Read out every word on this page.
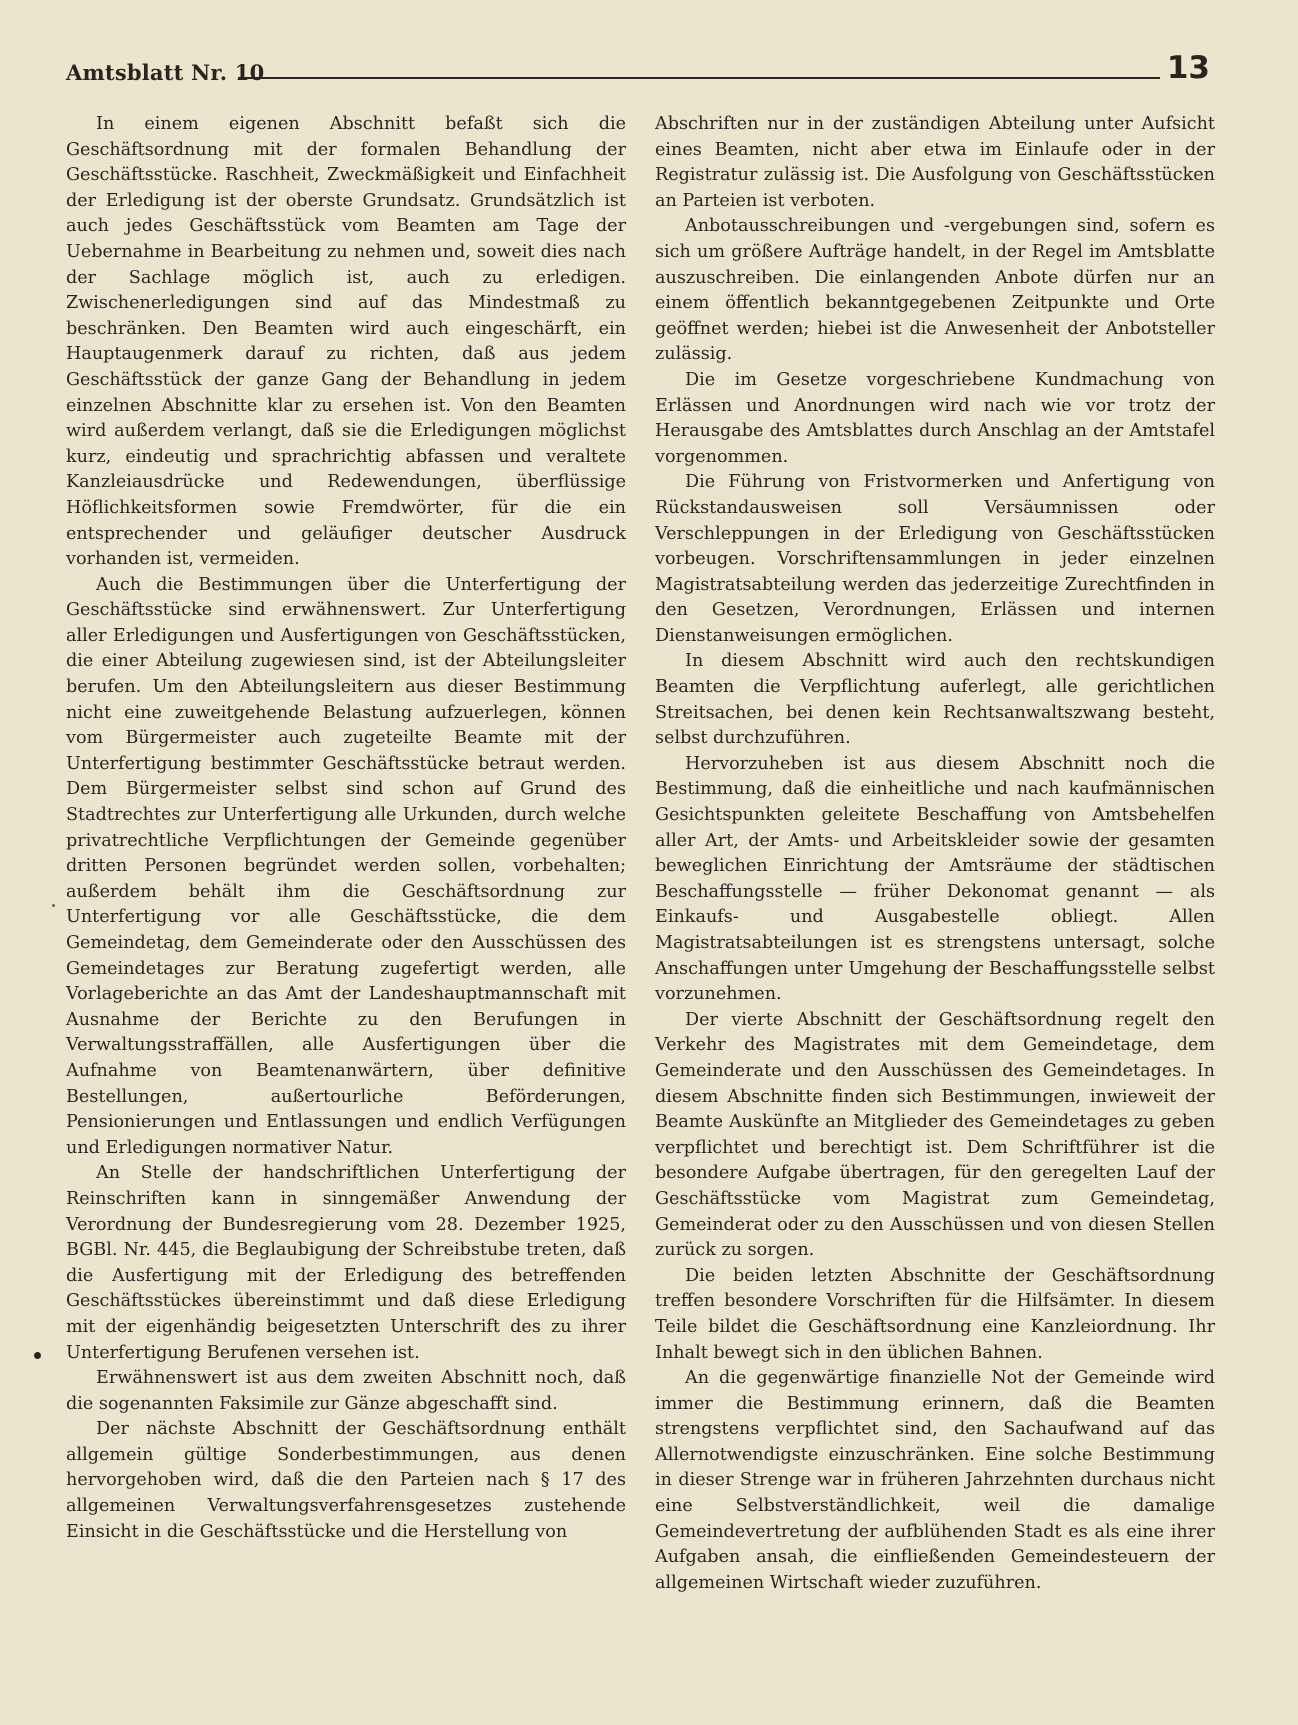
Amtsblatt Nr. 10	13

In einem eigenen Abschnitt befaßt sich die Geschäftsordnung mit der formalen Behandlung der Geschäftsstücke. Raschheit, Zweckmäßigkeit und Einfachheit der Erledigung ist der oberste Grundsatz. Grundsätzlich ist auch jedes Geschäftsstück vom Beamten am Tage der Uebernahme in Bearbeitung zu nehmen und, soweit dies nach der Sachlage möglich ist, auch zu erledigen. Zwischenerledigungen sind auf das Mindestmaß zu beschränken. Den Beamten wird auch eingeschärft, ein Hauptaugenmerk darauf zu richten, daß aus jedem Geschäftsstück der ganze Gang der Behandlung in jedem einzelnen Abschnitte klar zu ersehen ist. Von den Beamten wird außerdem verlangt, daß sie die Erledigungen möglichst kurz, eindeutig und sprachrichtig abfassen und veraltete Kanzleiausdrücke und Redewendungen, überflüssige Höflichkeitsformen sowie Fremdwörter, für die ein entsprechender und geläufiger deutscher Ausdruck vorhanden ist, vermeiden.

Auch die Bestimmungen über die Unterfertigung der Geschäftsstücke sind erwähnenswert. Zur Unterfertigung aller Erledigungen und Ausfertigungen von Geschäftsstücken, die einer Abteilung zugewiesen sind, ist der Abteilungsleiter berufen. Um den Abteilungsleitern aus dieser Bestimmung nicht eine zuweitgehende Belastung aufzuerlegen, können vom Bürgermeister auch zugeteilte Beamte mit der Unterfertigung bestimmter Geschäftsstücke betraut werden. Dem Bürgermeister selbst sind schon auf Grund des Stadtrechtes zur Unterfertigung alle Urkunden, durch welche privatrechtliche Verpflichtungen der Gemeinde gegenüber dritten Personen begründet werden sollen, vorbehalten; außerdem behält ihm die Geschäftsordnung zur Unterfertigung vor alle Geschäftsstücke, die dem Gemeindetag, dem Gemeinderate oder den Ausschüssen des Gemeindetages zur Beratung zugefertigt werden, alle Vorlageberichte an das Amt der Landeshauptmannschaft mit Ausnahme der Berichte zu den Berufungen in Verwaltungsstraffällen, alle Ausfertigungen über die Aufnahme von Beamtenanwärtern, über definitive Bestellungen, außertourliche Beförderungen, Pensionierungen und Entlassungen und endlich Verfügungen und Erledigungen normativer Natur.

An Stelle der handschriftlichen Unterfertigung der Reinschriften kann in sinngemäßer Anwendung der Verordnung der Bundesregierung vom 28. Dezember 1925, BGBl. Nr. 445, die Beglaubigung der Schreibstube treten, daß die Ausfertigung mit der Erledigung des betreffenden Geschäftsstückes übereinstimmt und daß diese Erledigung mit der eigenhändig beigesetzten Unterschrift des zu ihrer Unterfertigung Berufenen versehen ist.

Erwähnenswert ist aus dem zweiten Abschnitt noch, daß die sogenannten Faksimile zur Gänze abgeschafft sind.

Der nächste Abschnitt der Geschäftsordnung enthält allgemein gültige Sonderbestimmungen, aus denen hervorgehoben wird, daß die den Parteien nach § 17 des allgemeinen Verwaltungsverfahrensgesetzes zustehende Einsicht in die Geschäftsstücke und die Herstellung von

Abschriften nur in der zuständigen Abteilung unter Aufsicht eines Beamten, nicht aber etwa im Einlaufe oder in der Registratur zulässig ist. Die Ausfolgung von Geschäftsstücken an Parteien ist verboten.

Anbotausschreibungen und -vergebungen sind, sofern es sich um größere Aufträge handelt, in der Regel im Amtsblatte auszuschreiben. Die einlangenden Anbote dürfen nur an einem öffentlich bekanntgegebenen Zeitpunkte und Orte geöffnet werden; hiebei ist die Anwesenheit der Anbotsteller zulässig.

Die im Gesetze vorgeschriebene Kundmachung von Erlässen und Anordnungen wird nach wie vor trotz der Herausgabe des Amtsblattes durch Anschlag an der Amtstafel vorgenommen.

Die Führung von Fristvormerken und Anfertigung von Rückstandausweisen soll Versäumnissen oder Verschleppungen in der Erledigung von Geschäftsstücken vorbeugen. Vorschriftensammlungen in jeder einzelnen Magistratsabteilung werden das jederzeitige Zurechtfinden in den Gesetzen, Verordnungen, Erlässen und internen Dienstanweisungen ermöglichen.

In diesem Abschnitt wird auch den rechtskundigen Beamten die Verpflichtung auferlegt, alle gerichtlichen Streitsachen, bei denen kein Rechtsanwaltszwang besteht, selbst durchzuführen.

Hervorzuheben ist aus diesem Abschnitt noch die Bestimmung, daß die einheitliche und nach kaufmännischen Gesichtspunkten geleitete Beschaffung von Amtsbehelfen aller Art, der Amts- und Arbeitskleider sowie der gesamten beweglichen Einrichtung der Amtsräume der städtischen Beschaffungsstelle — früher Dekonomat genannt — als Einkaufs- und Ausgabestelle obliegt. Allen Magistratsabteilungen ist es strengstens untersagt, solche Anschaffungen unter Umgehung der Beschaffungsstelle selbst vorzunehmen.

Der vierte Abschnitt der Geschäftsordnung regelt den Verkehr des Magistrates mit dem Gemeindetage, dem Gemeinderate und den Ausschüssen des Gemeindetages. In diesem Abschnitte finden sich Bestimmungen, inwieweit der Beamte Auskünfte an Mitglieder des Gemeindetages zu geben verpflichtet und berechtigt ist. Dem Schriftführer ist die besondere Aufgabe übertragen, für den geregelten Lauf der Geschäftsstücke vom Magistrat zum Gemeindetag, Gemeinderat oder zu den Ausschüssen und von diesen Stellen zurück zu sorgen.

Die beiden letzten Abschnitte der Geschäftsordnung treffen besondere Vorschriften für die Hilfsämter. In diesem Teile bildet die Geschäftsordnung eine Kanzleiordnung. Ihr Inhalt bewegt sich in den üblichen Bahnen.

An die gegenwärtige finanzielle Not der Gemeinde wird immer die Bestimmung erinnern, daß die Beamten strengstens verpflichtet sind, den Sachaufwand auf das Allernotwendigste einzuschränken. Eine solche Bestimmung in dieser Strenge war in früheren Jahrzehnten durchaus nicht eine Selbstverständlichkeit, weil die damalige Gemeindevertretung der aufblühenden Stadt es als eine ihrer Aufgaben ansah, die einfließenden Gemeindesteuern der allgemeinen Wirtschaft wieder zuzuführen.
